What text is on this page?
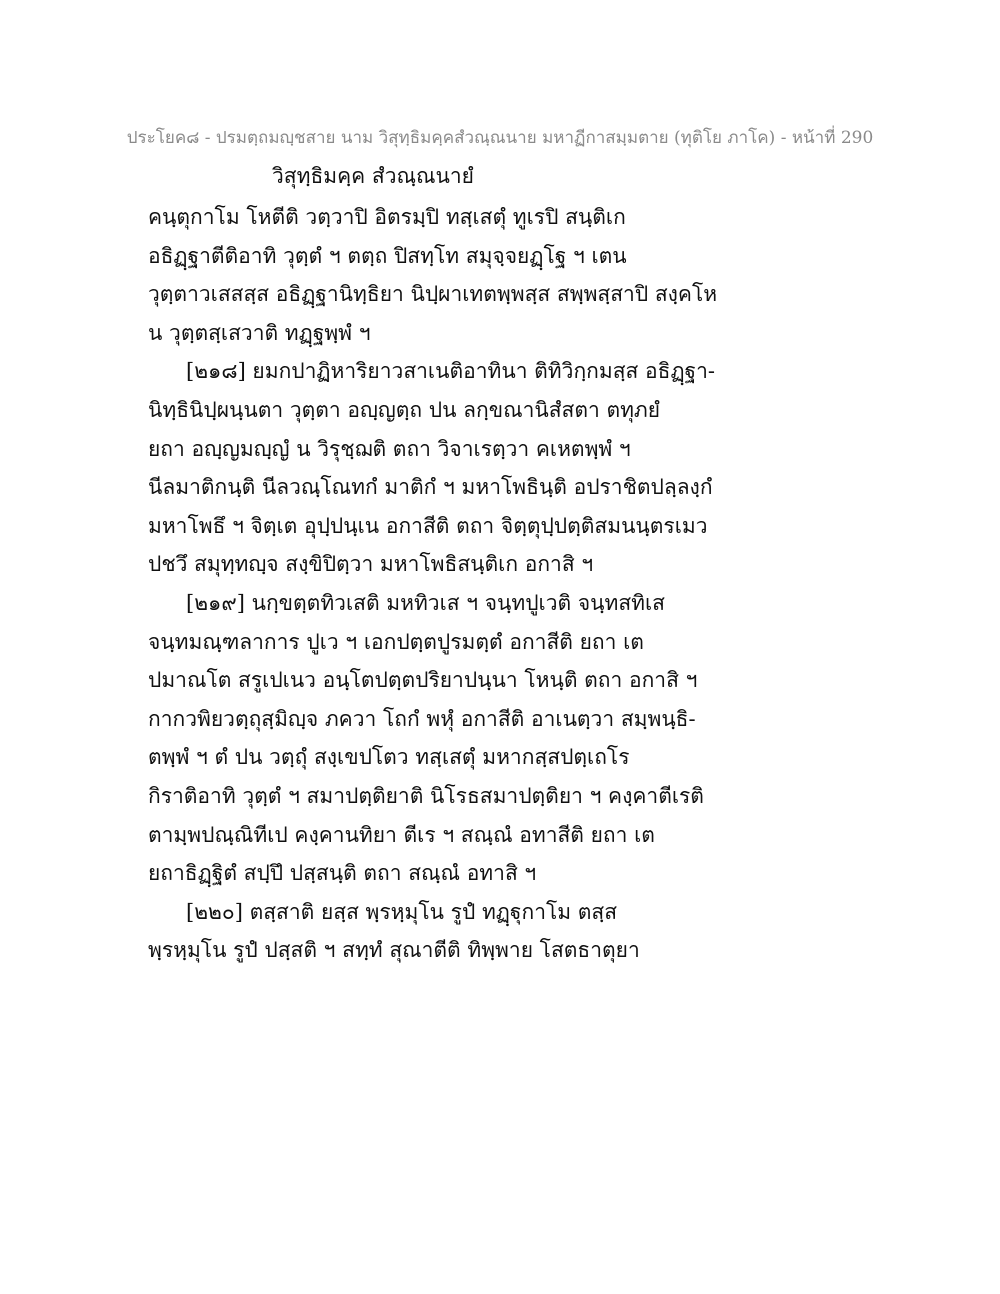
ประโยค๘ - ปรมตฺถมญฺชสาย นาม วิสุทฺธิมคฺคสํวณฺณนาย มหาฏีกาสมฺมตาย (ทุติโย ภาโค) - หน้าที่ 290
วิสุทฺธิมคฺค สํวณฺณนายํ
คนฺตุกาโม โหตีติ วตฺวาปิ อิตรมฺปิ ทสฺเสตุํ ทูเรปิ สนฺติเก
อธิฏฺฐาตีติอาทิ วุตฺตํ ฯ ตตฺถ ปิสทฺโท สมุจฺจยฏฺโฐ ฯ เตน
วุตฺตาวเสสสฺส อธิฏฺฐานิทฺธิยา นิปฺผาเทตพฺพสฺส สพฺพสฺสาปิ สงฺคโห
น วุตฺตสฺเสวาติ ทฏฺฐพฺพํ ฯ
[๒๑๘] ยมกปาฏิหาริยาวสาเนติอาทินา ติทิวิกฺกมสฺส อธิฏฺฐา-
นิทฺธินิปฺผนฺนตา วุตฺตา อญฺญตฺถ ปน ลกฺขณานิสํสตา ตทุภยํ
ยถา อญฺญมญฺญํ น วิรุชฺฌติ ตถา วิจาเรตฺวา คเหตพฺพํ ฯ
นีลมาติกนฺติ นีลวณฺโณทกํ มาติกํ ฯ มหาโพธินฺติ อปราชิตปลฺลงฺกํ
มหาโพธึ ฯ จิตฺเต อุปฺปนฺเน อกาสีติ ตถา จิตฺตุปฺปตฺติสมนนฺตรเมว
ปชวึ สมุทฺทญฺจ สงฺขิปิตฺวา มหาโพธิสนฺติเก อกาสิ ฯ
[๒๑๙] นกฺขตฺตทิวเสติ มหทิวเส ฯ จนฺทปูเวติ จนฺทสทิเส
จนฺทมณฺฑลาการ ปูเว ฯ เอกปตฺตปูรมตฺตํ อกาสีติ ยถา เต
ปมาณโต สรูเปเนว อนฺโตปตฺตปริยาปนฺนา โหนฺติ ตถา อกาสิ ฯ
กากวพิยวตฺถุสฺมิญฺจ ภควา โถกํ พหุํ อกาสีติ อาเนตฺวา สมฺพนฺธิ-
ตพฺพํ ฯ ตํ ปน วตฺถุํ สงฺเขปโตว ทสฺเสตุํ มหากสฺสปตฺเถโร
กิราติอาทิ วุตฺตํ ฯ สมาปตฺติยาติ นิโรธสมาปตฺติยา ฯ คงฺคาตีเรติ
ตามฺพปณฺณิทีเป คงฺคานทิยา ตีเร ฯ สณฺณํ อทาสีติ ยถา เต
ยถาธิฏฺฐิตํ สปฺปึ ปสฺสนฺติ ตถา สณฺณํ อทาสิ ฯ
[๒๒๐] ตสฺสาติ ยสฺส พฺรหฺมุโน รูปํ ทฏฺฐุกาโม ตสฺส
พฺรหฺมุโน รูปํ ปสฺสติ ฯ สทฺทํ สุณาตีติ ทิพฺพาย โสตธาตุยา
